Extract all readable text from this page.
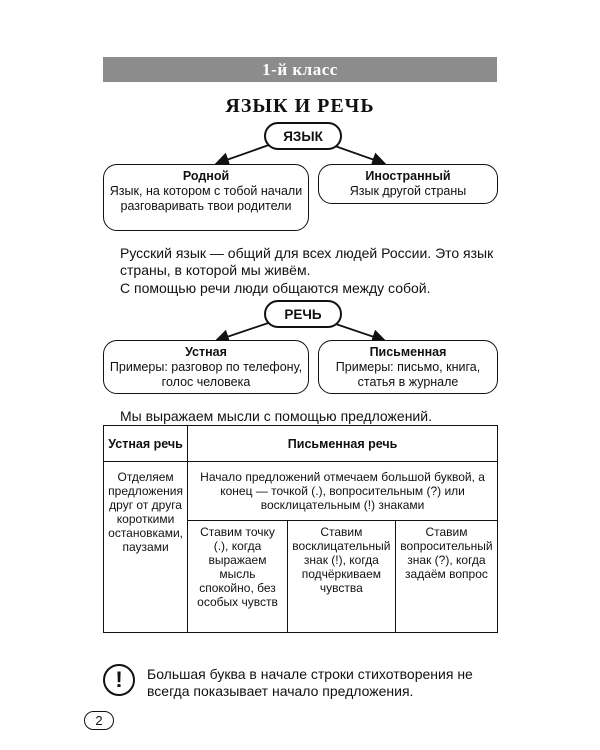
1-й класс
ЯЗЫК И РЕЧЬ
ЯЗЫК
Родной
Язык, на котором с тобой начали разговаривать твои родители
Иностранный
Язык другой страны
Русский язык — общий для всех людей России. Это язык страны, в которой мы живём.
С помощью речи люди общаются между собой.
РЕЧЬ
Устная
Примеры: разговор по телефону, голос человека
Письменная
Примеры: письмо, книга, статья в журнале
Мы выражаем мысли с помощью предложений.
Устная речь	Письменная речь		
Отделяем предложения друг от друга короткими остановками, паузами	Начало предложений отмечаем большой буквой, а конец — точкой (.), вопросительным (?) или восклицательным (!) знаками		
	Ставим точку (.), когда выражаем мысль спокойно, без особых чувств	Ставим восклицательный знак (!), когда подчёркиваем чувства	Ставим вопросительный знак (?), когда задаём вопрос
! Большая буква в начале строки стихотворения не всегда показывает начало предложения.
2
